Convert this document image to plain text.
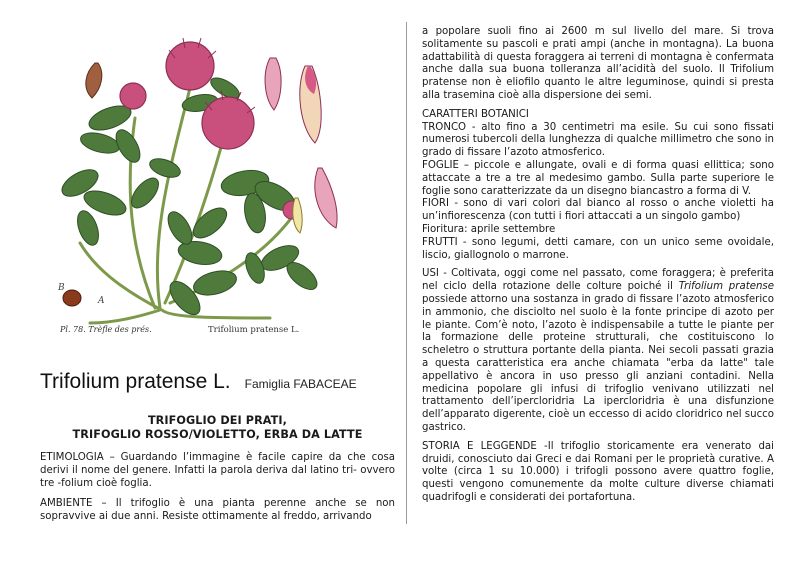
A
B
Pl. 78. Trèfle des prés.	Trifolium pratense L.
Trifolium pratense L. Famiglia FABACEAE
TRIFOGLIO DEI PRATI,
TRIFOGLIO ROSSO/VIOLETTO, ERBA DA LATTE

ETIMOLOGIA – Guardando l’immagine è facile capire da che cosa derivi il nome del genere. Infatti la parola deriva dal latino tri- ovvero tre -folium cioè foglia.

AMBIENTE – Il trifoglio è una pianta perenne anche se non sopravvive ai due anni. Resiste ottimamente al freddo, arrivando

a popolare suoli fino ai 2600 m sul livello del mare. Si trova solitamente su pascoli e prati ampi (anche in montagna). La buona adattabilità di questa foraggera ai terreni di montagna è confermata anche dalla sua buona tolleranza all’acidità del suolo. Il Trifolium pratense non è eliofilo quanto le altre leguminose, quindi si presta alla trasemina cioè alla dispersione dei semi.

CARATTERI BOTANICI

TRONCO - alto fino a 30 centimetri ma esile. Su cui sono fissati numerosi tubercoli della lunghezza di qualche millimetro che sono in grado di fissare l’azoto atmosferico.

FOGLIE – piccole e allungate, ovali e di forma quasi ellittica; sono attaccate a tre a tre al medesimo gambo. Sulla parte superiore le foglie sono caratterizzate da un disegno biancastro a forma di V.

FIORI - sono di vari colori dal bianco al rosso o anche violetti ha un’infiorescenza (con tutti i fiori attaccati a un singolo gambo)

Fioritura: aprile settembre

FRUTTI - sono legumi, detti camare, con un unico seme ovoidale, liscio, giallognolo o marrone.

USI - Coltivata, oggi come nel passato, come foraggera; è preferita nel ciclo della rotazione delle colture poiché il Trifolium pratense possiede attorno una sostanza in grado di fissare l’azoto atmosferico in ammonio, che disciolto nel suolo è la fonte principe di azoto per le piante. Com’è noto, l’azoto è indispensabile a tutte le piante per la formazione delle proteine strutturali, che costituiscono lo scheletro o struttura portante della pianta. Nei secoli passati grazia a questa caratteristica era anche chiamata "erba da latte" tale appellativo è ancora in uso presso gli anziani contadini. Nella medicina popolare gli infusi di trifoglio venivano utilizzati nel trattamento dell’ipercloridria La ipercloridria è una disfunzione dell’apparato digerente, cioè un eccesso di acido cloridrico nel succo gastrico.

STORIA E LEGGENDE -Il trifoglio storicamente era venerato dai druidi, conosciuto dai Greci e dai Romani per le proprietà curative. A volte (circa 1 su 10.000) i trifogli possono avere quattro foglie, questi vengono comunemente da molte culture diverse chiamati quadrifogli e considerati dei portafortuna.
